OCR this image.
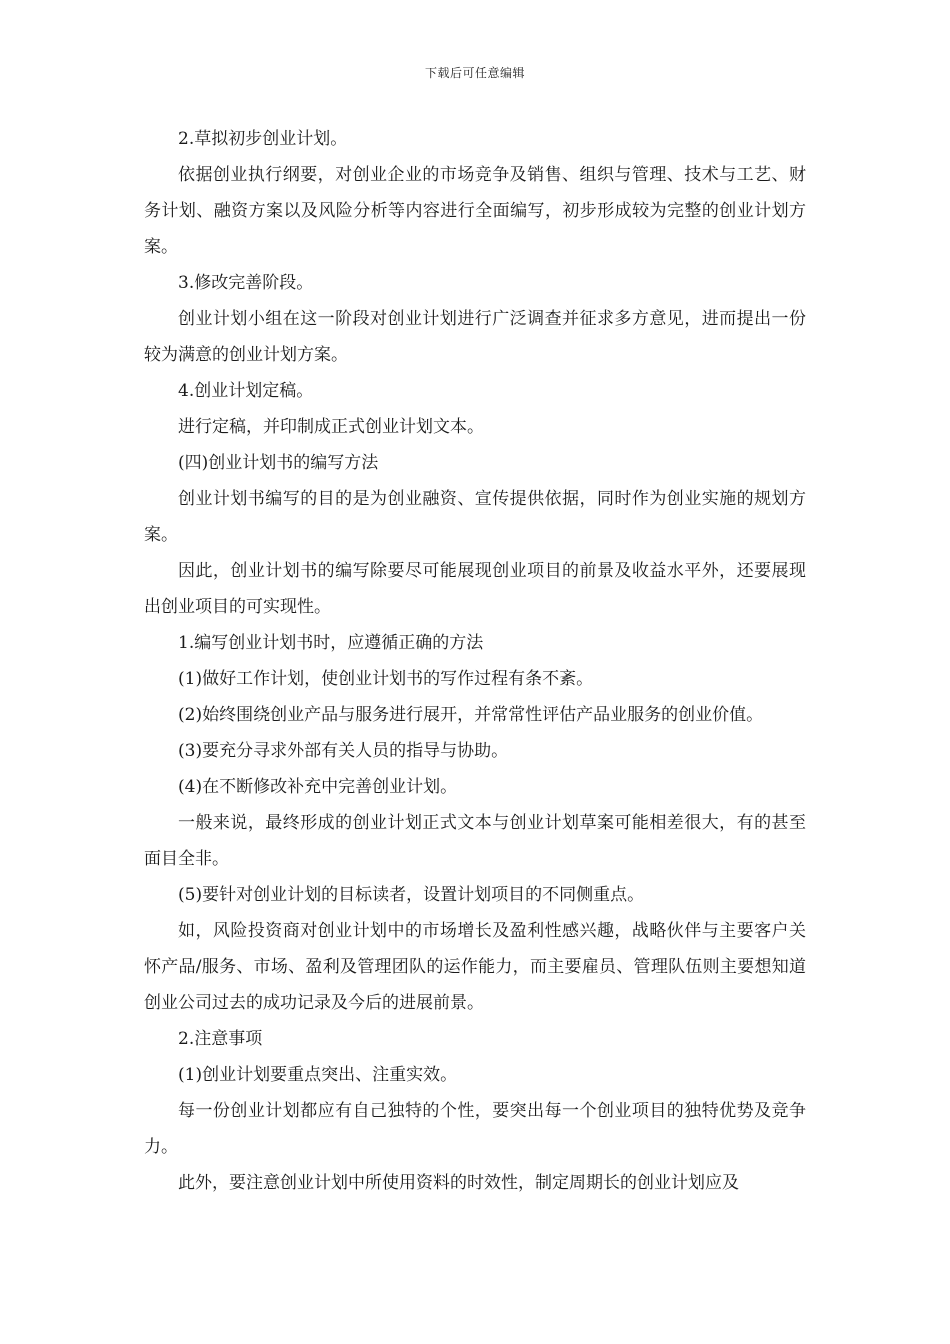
下载后可任意编辑

2.草拟初步创业计划。

依据创业执行纲要，对创业企业的市场竞争及销售、组织与管理、技术与工艺、财务计划、融资方案以及风险分析等内容进行全面编写，初步形成较为完整的创业计划方案。

3.修改完善阶段。

创业计划小组在这一阶段对创业计划进行广泛调查并征求多方意见，进而提出一份较为满意的创业计划方案。

4.创业计划定稿。

进行定稿，并印制成正式创业计划文本。

(四)创业计划书的编写方法

创业计划书编写的目的是为创业融资、宣传提供依据，同时作为创业实施的规划方案。

因此，创业计划书的编写除要尽可能展现创业项目的前景及收益水平外，还要展现出创业项目的可实现性。

1.编写创业计划书时，应遵循正确的方法

(1)做好工作计划，使创业计划书的写作过程有条不紊。

(2)始终围绕创业产品与服务进行展开，并常常性评估产品业服务的创业价值。

(3)要充分寻求外部有关人员的指导与协助。

(4)在不断修改补充中完善创业计划。

一般来说，最终形成的创业计划正式文本与创业计划草案可能相差很大，有的甚至面目全非。

(5)要针对创业计划的目标读者，设置计划项目的不同侧重点。

如，风险投资商对创业计划中的市场增长及盈利性感兴趣，战略伙伴与主要客户关怀产品/服务、市场、盈利及管理团队的运作能力，而主要雇员、管理队伍则主要想知道创业公司过去的成功记录及今后的进展前景。

2.注意事项

(1)创业计划要重点突出、注重实效。

每一份创业计划都应有自己独特的个性，要突出每一个创业项目的独特优势及竞争力。

此外，要注意创业计划中所使用资料的时效性，制定周期长的创业计划应及
